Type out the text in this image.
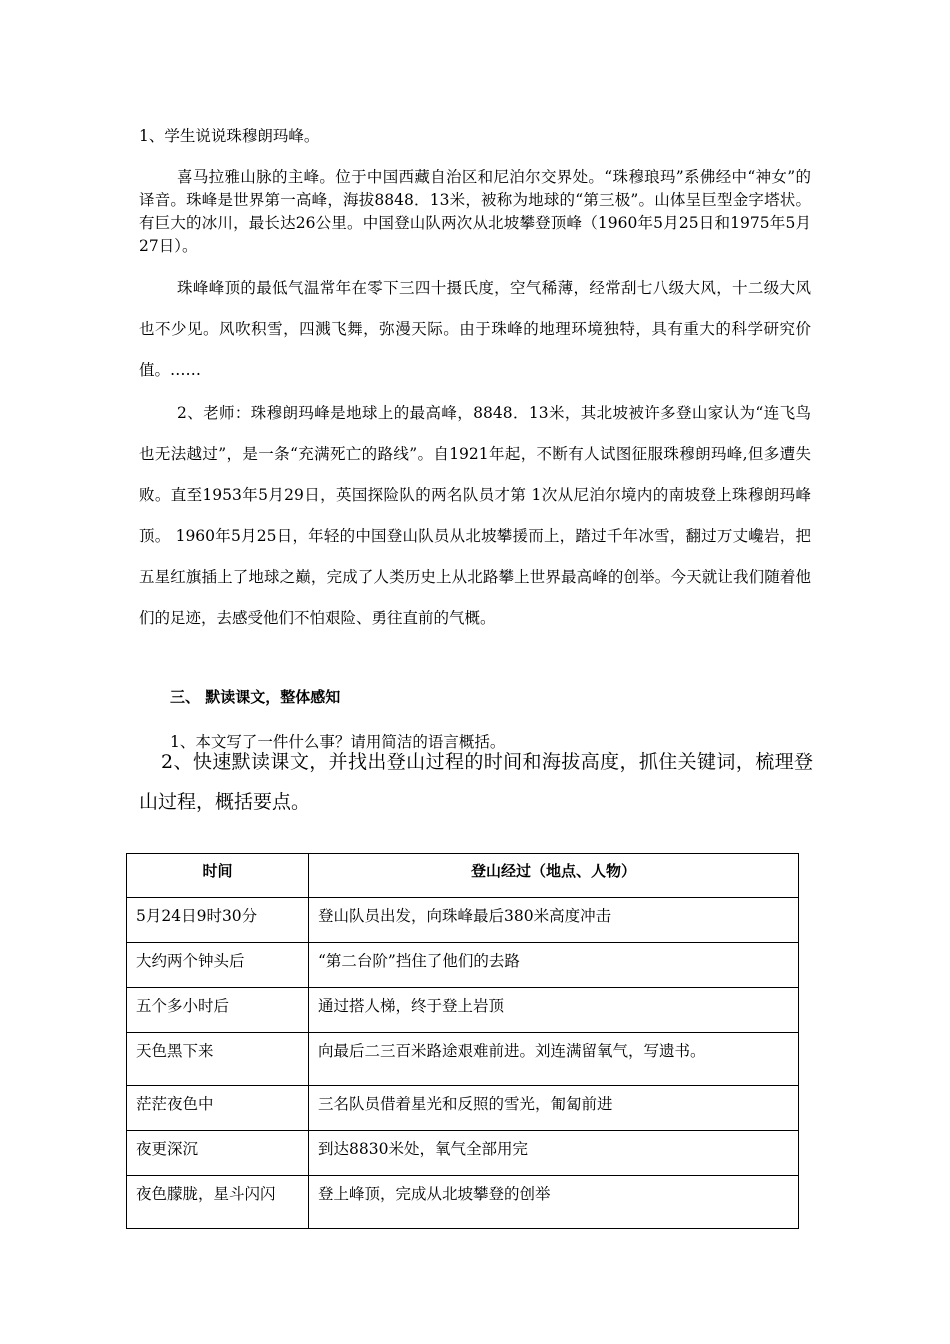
1、学生说说珠穆朗玛峰。

喜马拉雅山脉的主峰。位于中国西藏自治区和尼泊尔交界处。“珠穆琅玛”系佛经中“神女”的译音。珠峰是世界第一高峰，海拔8848．13米，被称为地球的“第三极”。山体呈巨型金字塔状。有巨大的冰川，最长达26公里。中国登山队两次从北坡攀登顶峰（1960年5月25日和1975年5月27日）。

珠峰峰顶的最低气温常年在零下三四十摄氏度，空气稀薄，经常刮七八级大风，十二级大风也不少见。风吹积雪，四溅飞舞，弥漫天际。由于珠峰的地理环境独特，具有重大的科学研究价值。……

2、老师：珠穆朗玛峰是地球上的最高峰，8848．13米，其北坡被许多登山家认为“连飞鸟也无法越过”，是一条“充满死亡的路线”。自1921年起，不断有人试图征服珠穆朗玛峰,但多遭失败。直至1953年5月29日，英国探险队的两名队员才第 1次从尼泊尔境内的南坡登上珠穆朗玛峰顶。 1960年5月25日，年轻的中国登山队员从北坡攀援而上，踏过千年冰雪，翻过万丈巉岩，把五星红旗插上了地球之巅，完成了人类历史上从北路攀上世界最高峰的创举。今天就让我们随着他们的足迹，去感受他们不怕艰险、勇往直前的气概。

三、 默读课文，整体感知

1、本文写了一件什么事？请用简洁的语言概括。

2、快速默读课文，并找出登山过程的时间和海拔高度，抓住关键词，梳理登山过程，概括要点。

时间	登山经过（地点、人物）
5月24日9时30分	登山队员出发，向珠峰最后380米高度冲击
大约两个钟头后	“第二台阶”挡住了他们的去路
五个多小时后	通过搭人梯，终于登上岩顶
天色黑下来	向最后二三百米路途艰难前进。刘连满留氧气，写遗书。
茫茫夜色中	三名队员借着星光和反照的雪光，匍匐前进
夜更深沉	到达8830米处，氧气全部用完
夜色朦胧，星斗闪闪	登上峰顶，完成从北坡攀登的创举
